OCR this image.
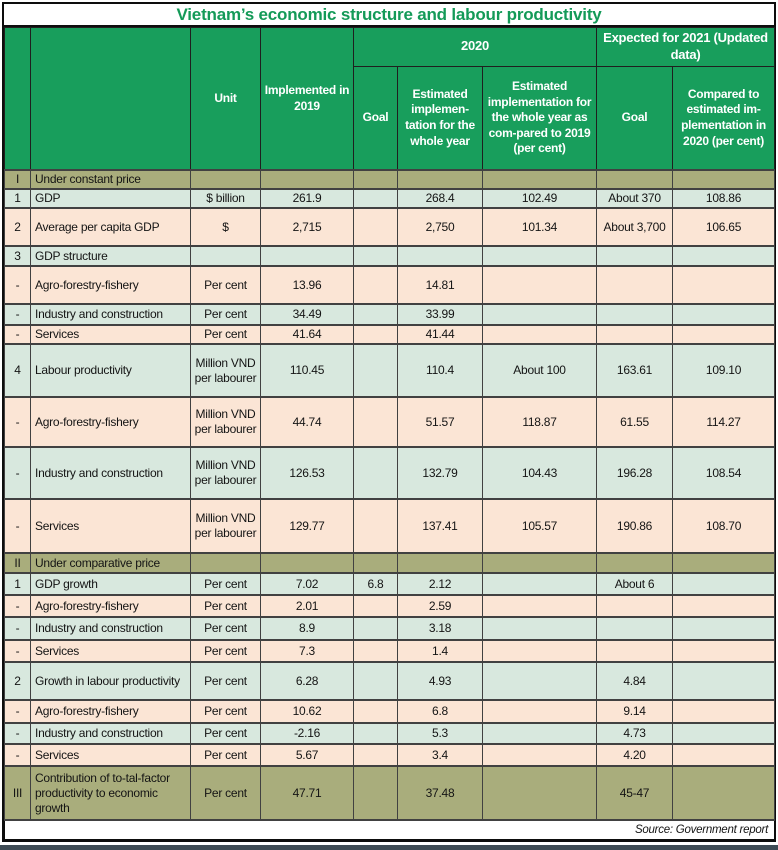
Vietnam’s economic structure and labour productivity
		Unit	Implemented in 2019	2020			Expected for 2021 (Updated data)	
				Goal	Estimated implemen-tation for the whole year	Estimated implementation for the whole year as com-pared to 2019 (per cent)	Goal	Compared to estimated im-plementation in 2020 (per cent)
I	Under constant price							
1	GDP	$ billion	261.9		268.4	102.49	About 370	108.86
2	Average per capita GDP	$	2,715		2,750	101.34	About 3,700	106.65
3	GDP structure							
-	Agro-forestry-fishery	Per cent	13.96		14.81			
-	Industry and construction	Per cent	34.49		33.99			
-	Services	Per cent	41.64		41.44			
4	Labour productivity	Million VND per labourer	110.45		110.4	About 100	163.61	109.10
-	Agro-forestry-fishery	Million VND per labourer	44.74		51.57	118.87	61.55	114.27
-	Industry and construction	Million VND per labourer	126.53		132.79	104.43	196.28	108.54
-	Services	Million VND per labourer	129.77		137.41	105.57	190.86	108.70
II	Under comparative price							
1	GDP growth	Per cent	7.02	6.8	2.12		About 6	
-	Agro-forestry-fishery	Per cent	2.01		2.59			
-	Industry and construction	Per cent	8.9		3.18			
-	Services	Per cent	7.3		1.4			
2	Growth in labour productivity	Per cent	6.28		4.93		4.84	
-	Agro-forestry-fishery	Per cent	10.62		6.8		9.14	
-	Industry and construction	Per cent	-2.16		5.3		4.73	
-	Services	Per cent	5.67		3.4		4.20	
III	Contribution of to-tal-factor productivity to economic growth	Per cent	47.71		37.48		45-47	
Source: Government report								
